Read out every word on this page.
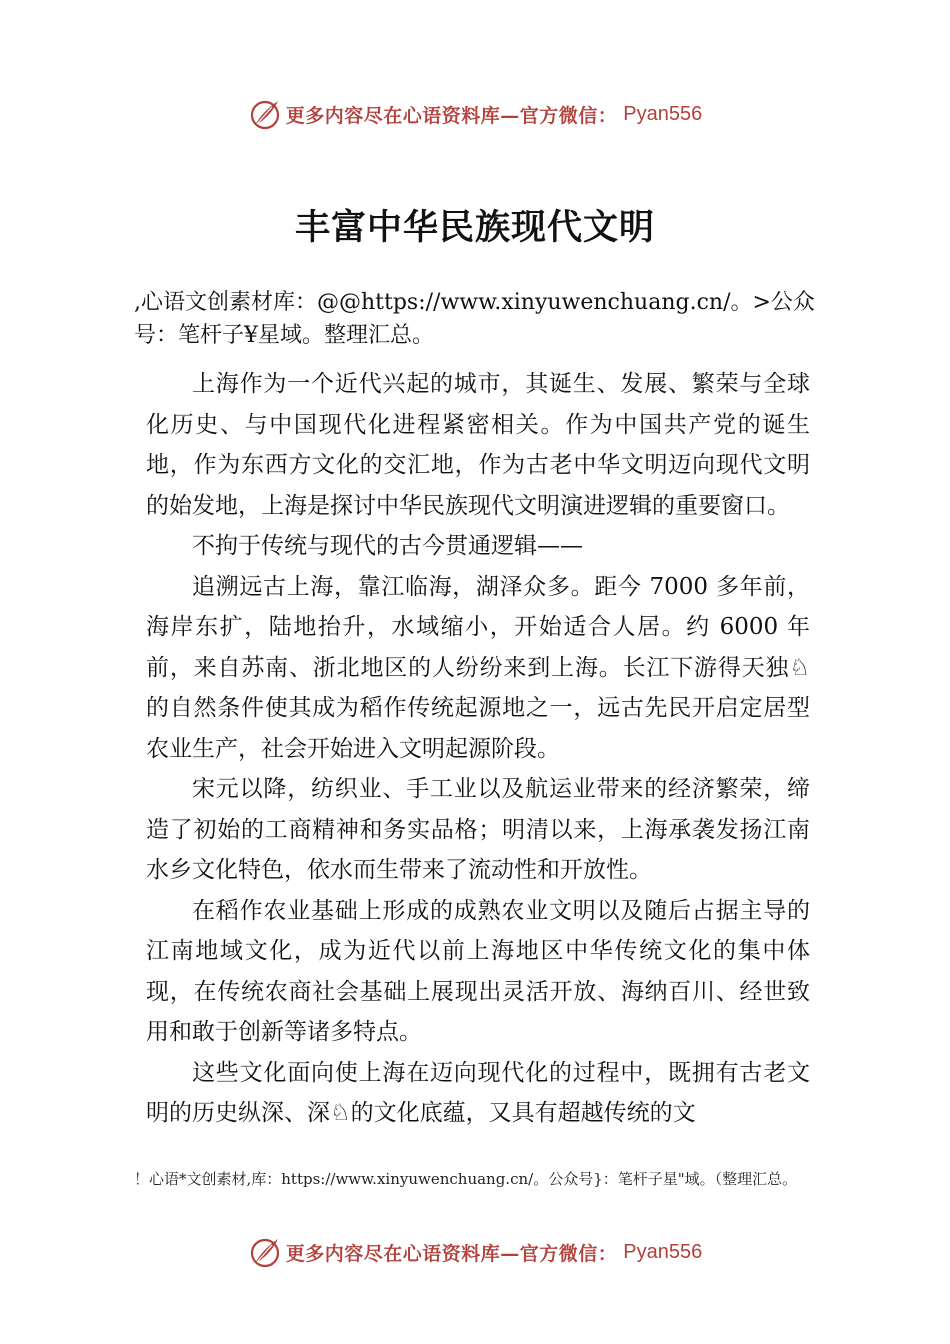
更多内容尽在心语资料库—官方微信： Pyan556
丰富中华民族现代文明
,心语文创素材库：@@https://www.xinyuwenchuang.cn/。>公众号：笔杆子¥星域。整理汇总。

上海作为一个近代兴起的城市，其诞生、发展、繁荣与全球化历史、与中国现代化进程紧密相关。作为中国共产党的诞生地，作为东西方文化的交汇地，作为古老中华文明迈向现代文明的始发地，上海是探讨中华民族现代文明演进逻辑的重要窗口。

不拘于传统与现代的古今贯通逻辑——

追溯远古上海，靠江临海，湖泽众多。距今 7000 多年前，海岸东扩，陆地抬升，水域缩小，开始适合人居。约 6000 年前，来自苏南、浙北地区的人纷纷来到上海。长江下游得天独♘的自然条件使其成为稻作传统起源地之一，远古先民开启定居型农业生产，社会开始进入文明起源阶段。

宋元以降，纺织业、手工业以及航运业带来的经济繁荣，缔造了初始的工商精神和务实品格；明清以来，上海承袭发扬江南水乡文化特色，依水而生带来了流动性和开放性。

在稻作农业基础上形成的成熟农业文明以及随后占据主导的江南地域文化，成为近代以前上海地区中华传统文化的集中体现，在传统农商社会基础上展现出灵活开放、海纳百川、经世致用和敢于创新等诸多特点。

这些文化面向使上海在迈向现代化的过程中，既拥有古老文明的历史纵深、深♘的文化底蕴，又具有超越传统的文

！心语*文创素材,库：https://www.xinyuwenchuang.cn/。公众号}：笔杆子星"域。（整理汇总。
更多内容尽在心语资料库—官方微信： Pyan556
